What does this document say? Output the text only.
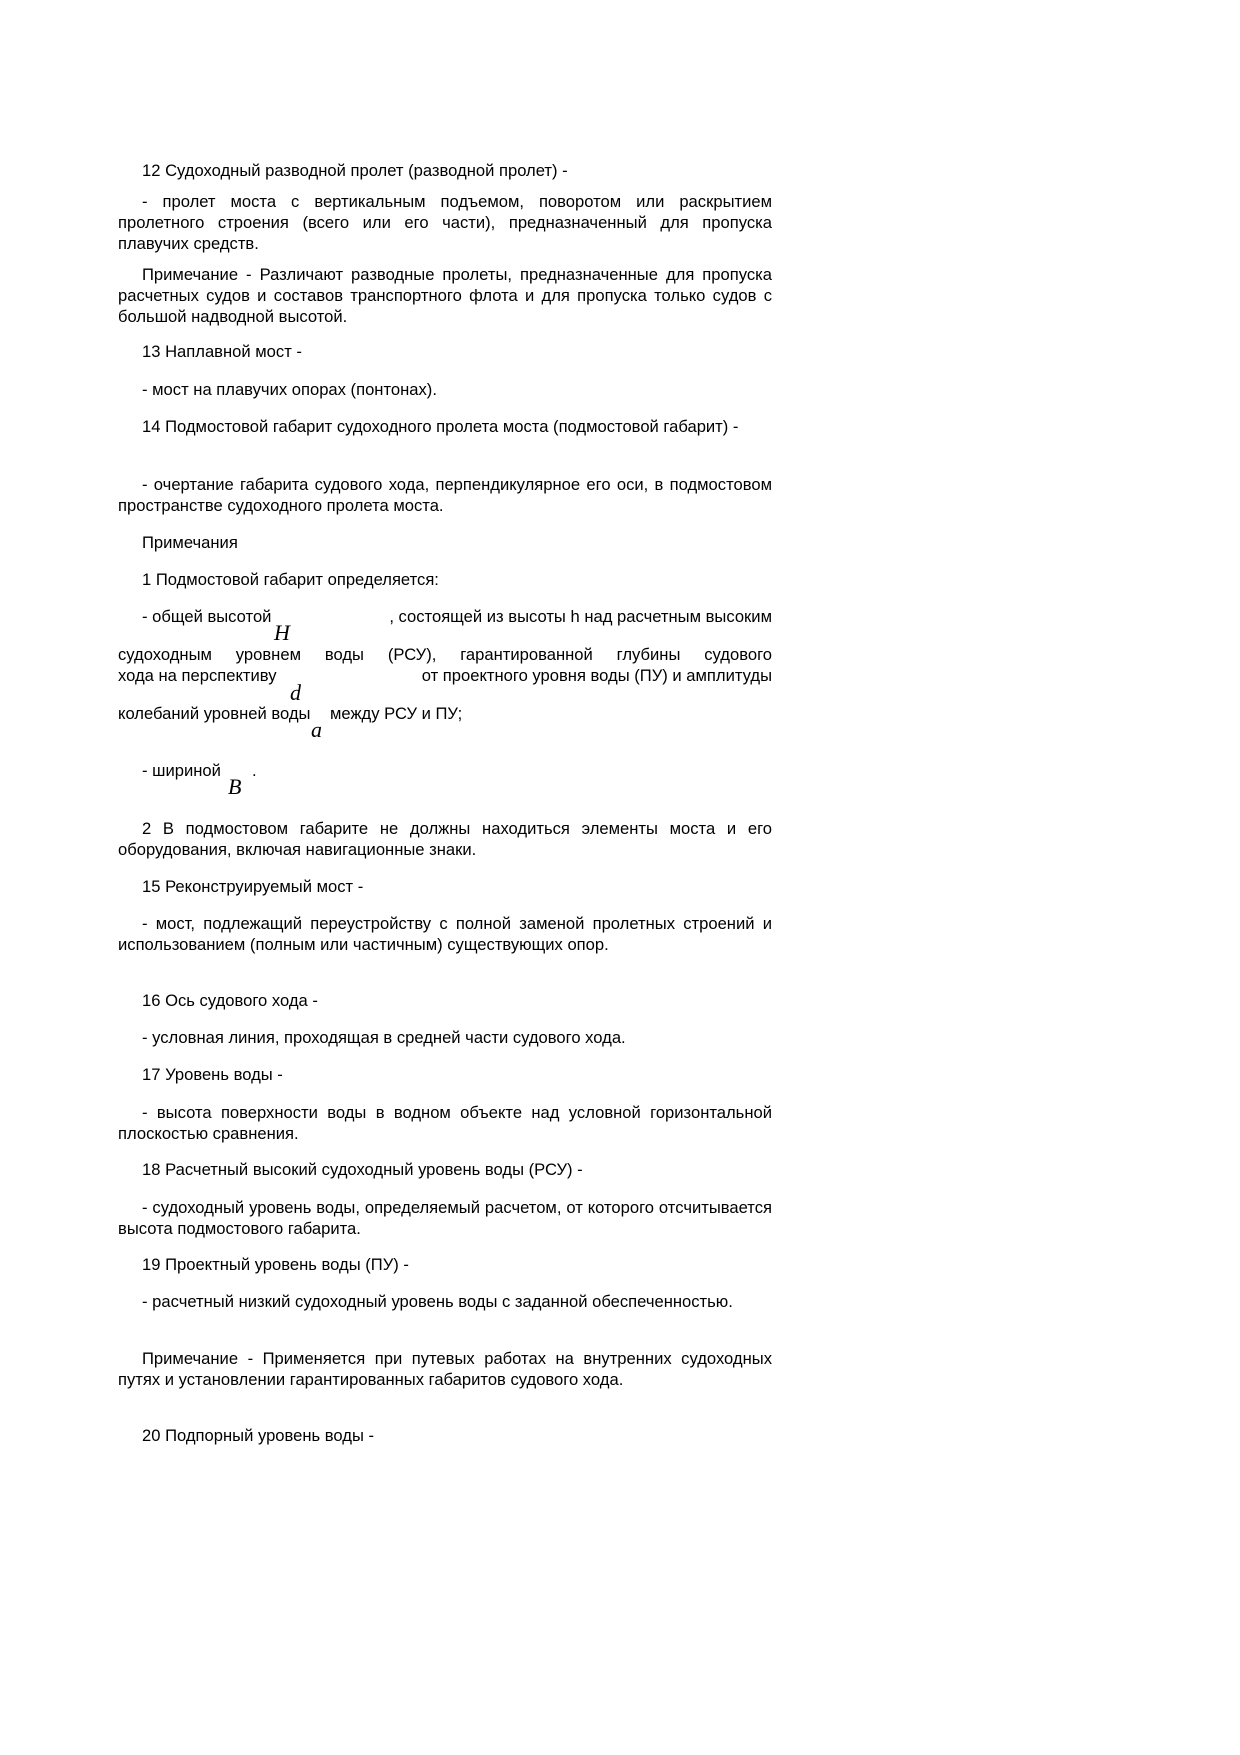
12 Судоходный разводной пролет (разводной пролет) -

- пролет моста с вертикальным подъемом, поворотом или раскрытием пролетного строения (всего или его части), предназначенный для пропуска плавучих средств.

Примечание - Различают разводные пролеты, предназначенные для пропуска расчетных судов и составов транспортного флота и для пропуска только судов с большой надводной высотой.

13 Наплавной мост -

- мост на плавучих опорах (понтонах).

14 Подмостовой габарит судоходного пролета моста (подмостовой габарит) -

- очертание габарита судового хода, перпендикулярное его оси, в подмостовом пространстве судоходного пролета моста.

Примечания

1 Подмостовой габарит определяется:

- общей высотой
H
, состоящей из высоты h над расчетным высоким
судоходным уровнем воды (РСУ), гарантированной глубины судового
хода на перспективу
d
от проектного уровня воды (ПУ) и амплитуды
колебаний уровней воды
a
между РСУ и ПУ;
- шириной
B
.

2 В подмостовом габарите не должны находиться элементы моста и его оборудования, включая навигационные знаки.

15 Реконструируемый мост -

- мост, подлежащий переустройству с полной заменой пролетных строений и использованием (полным или частичным) существующих опор.

16 Ось судового хода -

- условная линия, проходящая в средней части судового хода.

17 Уровень воды -

- высота поверхности воды в водном объекте над условной горизонтальной плоскостью сравнения.

18 Расчетный высокий судоходный уровень воды (РСУ) -

- судоходный уровень воды, определяемый расчетом, от которого отсчитывается высота подмостового габарита.

19 Проектный уровень воды (ПУ) -

- расчетный низкий судоходный уровень воды с заданной обеспеченностью.

Примечание - Применяется при путевых работах на внутренних судоходных путях и установлении гарантированных габаритов судового хода.

20 Подпорный уровень воды -
